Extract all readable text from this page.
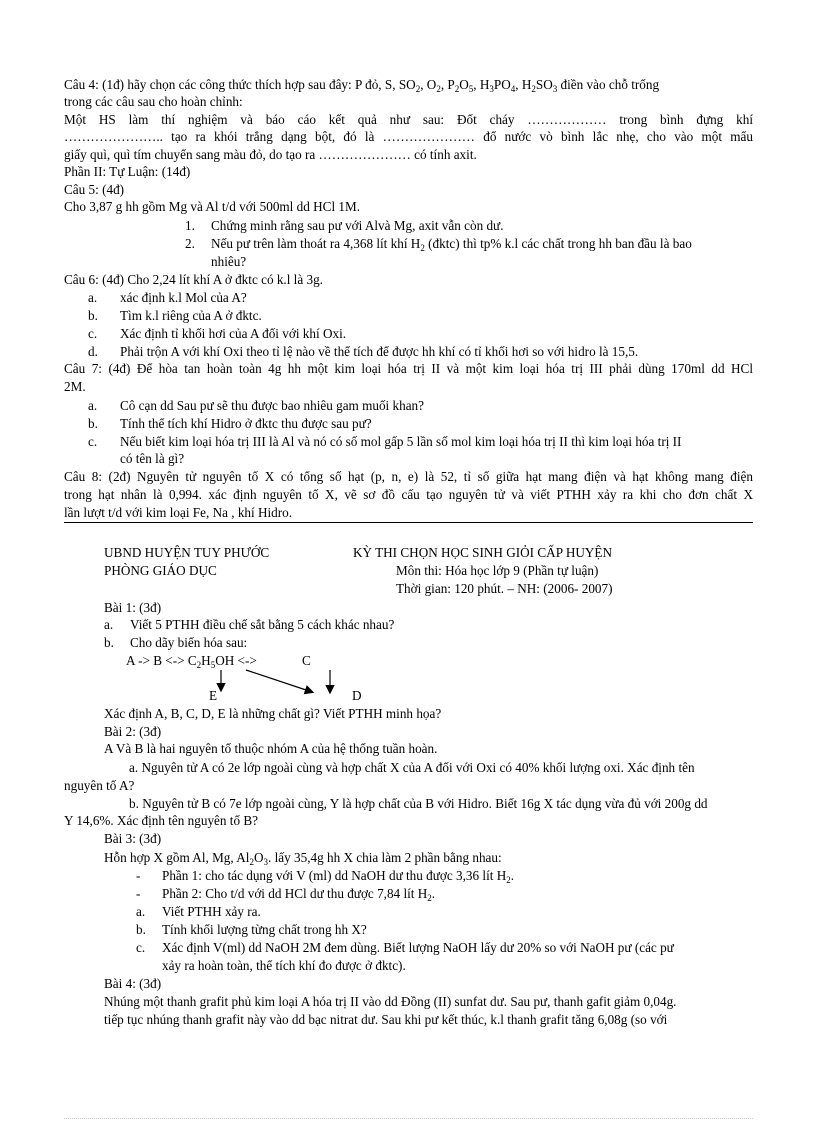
Câu 4: (1đ) hãy chọn các công thức thích hợp sau đây: P đỏ, S, $SO_2$, $O_2$, $P_2O_5$, $H_3PO_4$, $H_2SO_3$ điền vào chỗ trống
trong các câu sau cho hoàn chỉnh:
Một HS làm thí nghiệm và báo cáo kết quả như sau: Đốt cháy ……………… trong bình đựng khí
………………….. tạo ra khói trắng dạng bột, đó là ………………… đổ nước vò bình lắc nhẹ, cho vào một mẩu
giấy quì, quì tím chuyển sang màu đỏ, do tạo ra ………………… có tính axit.
Phần II: Tự Luận: (14đ)
Câu 5: (4đ)
Cho 3,87 g hh gồm Mg và Al t/d với 500ml dd HCl 1M.
1. Chứng minh rằng sau pư với Alvà Mg, axit vẫn còn dư.
2. Nếu pư trên làm thoát ra 4,368 lít khí $H_2$ (đktc) thì tp% k.l các chất trong hh ban đầu là bao
nhiêu?
Câu 6: (4đ) Cho 2,24 lít khí A ở đktc có k.l là 3g.
a. xác định k.l Mol của A?
b. Tìm k.l riêng của A ở đktc.
c. Xác định tỉ khối hơi của A đối với khí Oxi.
d. Phải trộn A với khí Oxi theo tỉ lệ nào về thể tích để được hh khí có tỉ khối hơi so với hidro là 15,5.
Câu 7: (4đ) Để hòa tan hoàn toàn 4g hh một kim loại hóa trị II và một kim loại hóa trị III phải dùng 170ml dd HCl
2M.
a. Cô cạn dd Sau pư sẽ thu được bao nhiêu gam muối khan?
b. Tính thể tích khí Hidro ở đktc thu được sau pư?
c. Nếu biết kim loại hóa trị III là Al và nó có số mol gấp 5 lần số mol kim loại hóa trị II thì kim loại hóa trị II
có tên là gì?
Câu 8: (2đ) Nguyên tử nguyên tố X có tổng số hạt (p, n, e) là 52, tỉ số giữa hạt mang điện và hạt không mang điện
trong hạt nhân là 0,994. xác định nguyên tố X, vẽ sơ đồ cấu tạo nguyên tử và viết PTHH xảy ra khi cho đơn chất X
lần lượt t/d với kim loại Fe, Na , khí Hidro.
UBND HUYỆN TUY PHƯỚC
PHÒNG GIÁO DỤC
KỲ THI CHỌN HỌC SINH GIỎI CẤP HUYỆN
Môn thi: Hóa học lớp 9 (Phần tự luận)
Thời gian: 120 phút. – NH: (2006- 2007)
Bài 1: (3đ)
a. Viết 5 PTHH điều chế sắt bằng 5 cách khác nhau?
b. Cho dãy biến hóa sau:
A -> B <-> $C_2H_5OH$ <->	C
E	D
Xác định A, B, C, D, E là những chất gì? Viết PTHH minh họa?
Bài 2: (3đ)
A Và B là hai nguyên tố thuộc nhóm A của hệ thống tuần hoàn.
a. Nguyên tử A có 2e lớp ngoài cùng và hợp chất X của A đối với Oxi có 40% khối lượng oxi. Xác định tên
nguyên tố A?
b. Nguyên tử B có 7e lớp ngoài cùng, Y là hợp chất của B với Hidro. Biết 16g X tác dụng vừa đủ với 200g dd
Y 14,6%. Xác định tên nguyên tố B?
Bài 3: (3đ)
Hỗn hợp X gồm Al, Mg, $Al_2O_3$. lấy 35,4g hh X chia làm 2 phần bằng nhau:
- Phần 1: cho tác dụng với V (ml) dd NaOH dư thu được 3,36 lít $H_2$.
- Phần 2: Cho t/d với dd HCl dư thu được 7,84 lít $H_2$.
a. Viết PTHH xảy ra.
b. Tính khối lượng từng chất trong hh X?
c. Xác định V(ml) dd NaOH 2M đem dùng. Biết lượng NaOH lấy dư 20% so với NaOH pư (các pư
xảy ra hoàn toàn, thể tích khí đo được ở đktc).
Bài 4: (3đ)
Nhúng một thanh grafit phủ kim loại A hóa trị II vào dd Đồng (II) sunfat dư. Sau pư, thanh gafit giảm 0,04g.
tiếp tục nhúng thanh grafit này vào dd bạc nitrat dư. Sau khi pư kết thúc, k.l thanh grafit tăng 6,08g (so với
